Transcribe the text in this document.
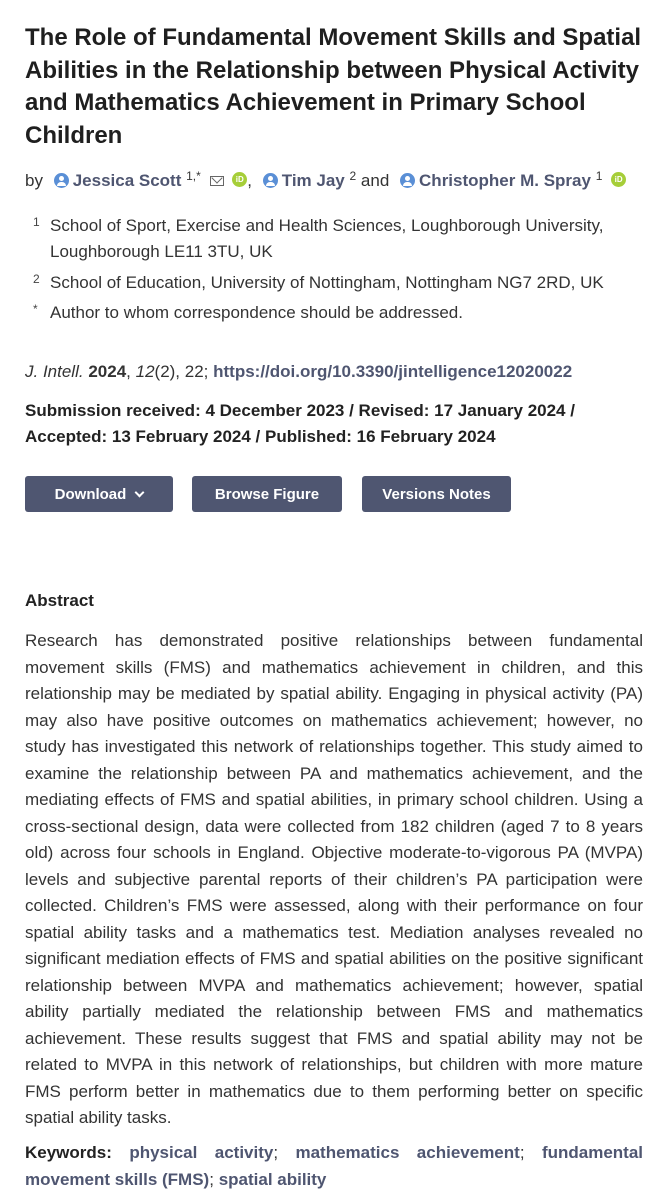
The Role of Fundamental Movement Skills and Spatial Abilities in the Relationship between Physical Activity and Mathematics Achievement in Primary School Children
by Jessica Scott $^{1,*}$	iD , Tim Jay $^2$ and Christopher M. Spray $^1$ iD
1 School of Sport, Exercise and Health Sciences, Loughborough University, Loughborough LE11 3TU, UK
2 School of Education, University of Nottingham, Nottingham NG7 2RD, UK
* Author to whom correspondence should be addressed.
J. Intell. 2024, 12(2), 22; https://doi.org/10.3390/jintelligence12020022
Submission received: 4 December 2023 / Revised: 17 January 2024 / Accepted: 13 February 2024 / Published: 16 February 2024
Download	Browse Figure	Versions Notes
Abstract

Research has demonstrated positive relationships between fundamental movement skills (FMS) and mathematics achievement in children, and this relationship may be mediated by spatial ability. Engaging in physical activity (PA) may also have positive outcomes on mathematics achievement; however, no study has investigated this network of relationships together. This study aimed to examine the relationship between PA and mathematics achievement, and the mediating effects of FMS and spatial abilities, in primary school children. Using a cross-sectional design, data were collected from 182 children (aged 7 to 8 years old) across four schools in England. Objective moderate-to-vigorous PA (MVPA) levels and subjective parental reports of their children’s PA participation were collected. Children’s FMS were assessed, along with their performance on four spatial ability tasks and a mathematics test. Mediation analyses revealed no significant mediation effects of FMS and spatial abilities on the positive significant relationship between MVPA and mathematics achievement; however, spatial ability partially mediated the relationship between FMS and mathematics achievement. These results suggest that FMS and spatial ability may not be related to MVPA in this network of relationships, but children with more mature FMS perform better in mathematics due to them performing better on specific spatial ability tasks.

Keywords: physical activity; mathematics achievement; fundamental movement skills (FMS); spatial ability
